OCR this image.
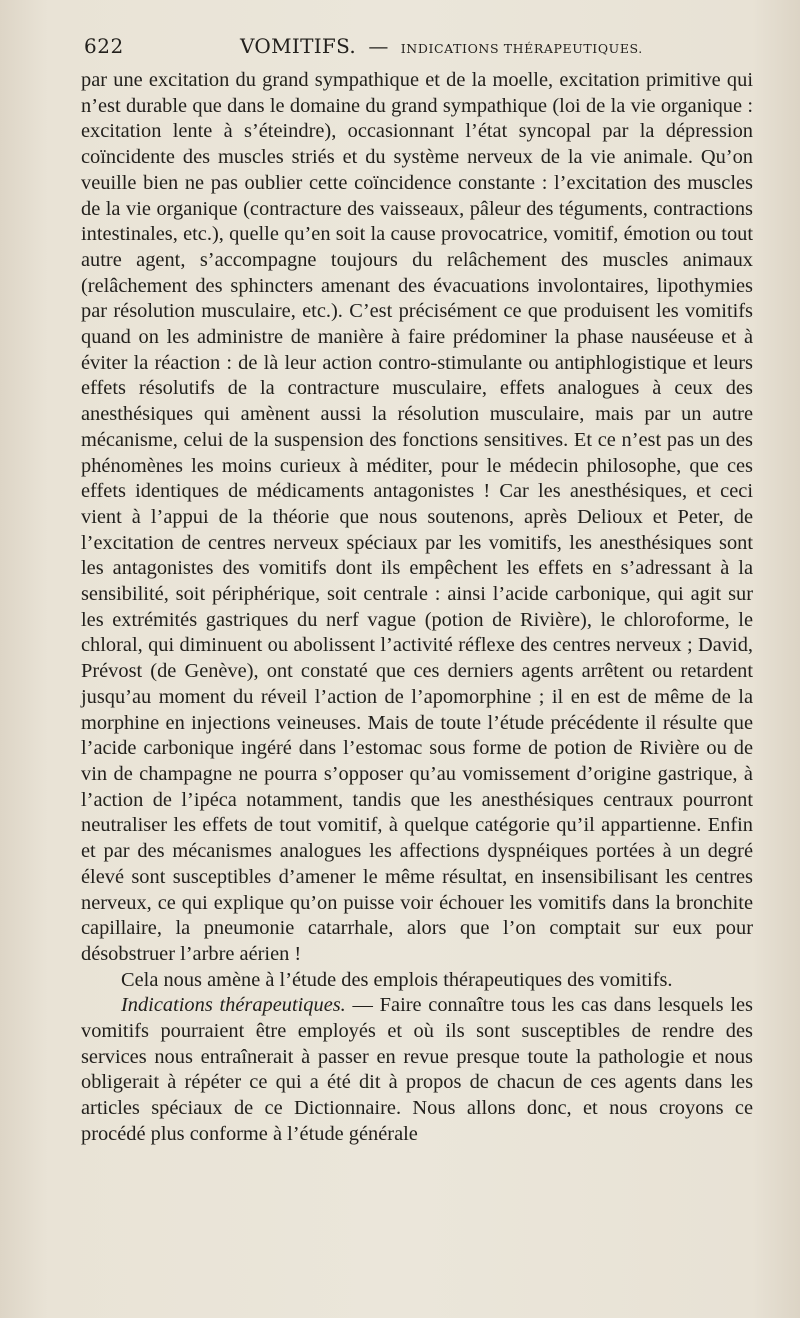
622	VOMITIFS. — INDICATIONS THÉRAPEUTIQUES.

par une excitation du grand sympathique et de la moelle, excitation primitive qui n’est durable que dans le domaine du grand sympathique (loi de la vie organique : excitation lente à s’éteindre), occasionnant l’état syncopal par la dépression coïncidente des muscles striés et du système nerveux de la vie animale. Qu’on veuille bien ne pas oublier cette coïncidence constante : l’excitation des muscles de la vie organique (contracture des vaisseaux, pâleur des téguments, contractions intestinales, etc.), quelle qu’en soit la cause provocatrice, vomitif, émotion ou tout autre agent, s’accompagne toujours du relâchement des muscles animaux (relâchement des sphincters amenant des évacuations involontaires, lipothymies par résolution musculaire, etc.). C’est précisément ce que produisent les vomitifs quand on les administre de manière à faire prédominer la phase nauséeuse et à éviter la réaction : de là leur action contro-stimulante ou antiphlogistique et leurs effets résolutifs de la contracture musculaire, effets analogues à ceux des anesthésiques qui amènent aussi la résolution musculaire, mais par un autre mécanisme, celui de la suspension des fonctions sensitives. Et ce n’est pas un des phénomènes les moins curieux à méditer, pour le médecin philosophe, que ces effets identiques de médicaments antagonistes ! Car les anesthésiques, et ceci vient à l’appui de la théorie que nous soutenons, après Delioux et Peter, de l’excitation de centres nerveux spéciaux par les vomitifs, les anesthésiques sont les antagonistes des vomitifs dont ils empêchent les effets en s’adressant à la sensibilité, soit périphérique, soit centrale : ainsi l’acide carbonique, qui agit sur les extrémités gastriques du nerf vague (potion de Rivière), le chloroforme, le chloral, qui diminuent ou abolissent l’activité réflexe des centres nerveux ; David, Prévost (de Genève), ont constaté que ces derniers agents arrêtent ou retardent jusqu’au moment du réveil l’action de l’apomorphine ; il en est de même de la morphine en injections veineuses. Mais de toute l’étude précédente il résulte que l’acide carbonique ingéré dans l’estomac sous forme de potion de Rivière ou de vin de champagne ne pourra s’opposer qu’au vomissement d’origine gastrique, à l’action de l’ipéca notamment, tandis que les anesthésiques centraux pourront neutraliser les effets de tout vomitif, à quelque catégorie qu’il appartienne. Enfin et par des mécanismes analogues les affections dyspnéiques portées à un degré élevé sont susceptibles d’amener le même résultat, en insensibilisant les centres nerveux, ce qui explique qu’on puisse voir échouer les vomitifs dans la bronchite capillaire, la pneumonie catarrhale, alors que l’on comptait sur eux pour désobstruer l’arbre aérien !

Cela nous amène à l’étude des emplois thérapeutiques des vomitifs.

Indications thérapeutiques. — Faire connaître tous les cas dans lesquels les vomitifs pourraient être employés et où ils sont susceptibles de rendre des services nous entraînerait à passer en revue presque toute la pathologie et nous obligerait à répéter ce qui a été dit à propos de chacun de ces agents dans les articles spéciaux de ce Dictionnaire. Nous allons donc, et nous croyons ce procédé plus conforme à l’étude générale
